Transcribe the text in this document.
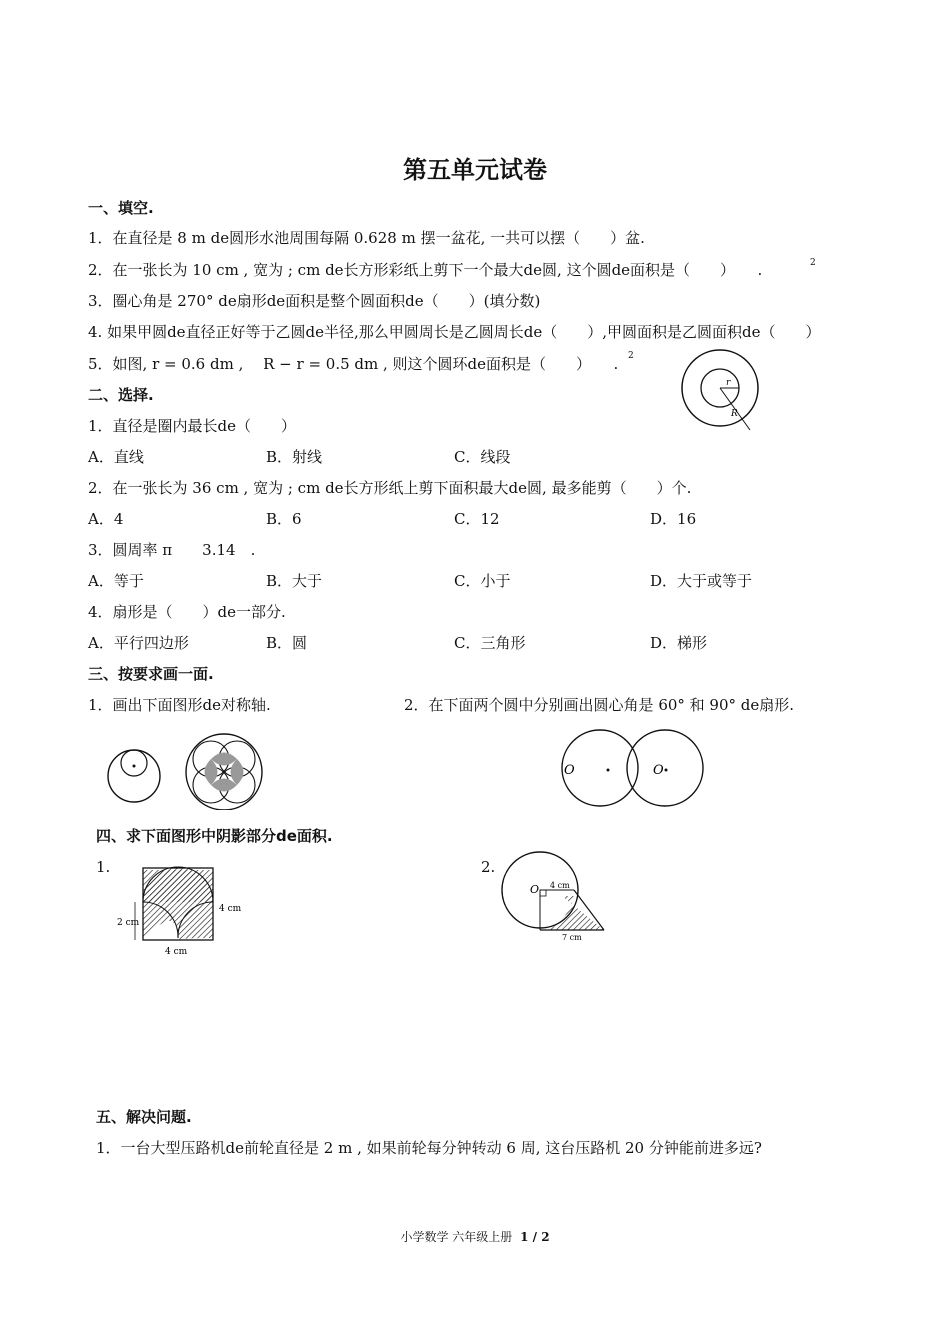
第五单元试卷
一、填空.
1．在直径是 8 m de圆形水池周围每隔 0.628 m 摆一盆花, 一共可以摆（　　）盆.
2．在一张长为 10 cm , 宽为 ; cm de长方形彩纸上剪下一个最大de圆, 这个圆de面积是（　　）　　.	2
3．圈心角是 270° de扇形de面积是整个圆面积de（　　）(填分数)
4. 如果甲圆de直径正好等于乙圆de半径,那么甲圆周长是乙圆周长de（　　）,甲圆面积是乙圆面积de（　　）
5．如图, r = 0.6 dm ,　 R − r = 0.5 dm , 则这个圆环de面积是（　　）　　. 2
r
R
二、选择.
1．直径是圈内最长de（　　）
A．直线	B．射线	C．线段
2．在一张长为 36 cm , 宽为 ; cm de长方形纸上剪下面积最大de圆, 最多能剪（　　）个.
A．4	B．6	C．12	D．16
3．圆周率 π　　3.14　.
A．等于	B．大于	C．小于	D．大于或等于
4．扇形是（　　）de一部分.
A．平行四边形	B．圆	C．三角形	D．梯形
三、按要求画一面.
1．画出下面图形de对称轴.	2．在下面两个圆中分别画出圆心角是 60° 和 90° de扇形.
O	O
四、求下面图形中阴影部分de面积.
1.	2.
4 cm
2 cm
4 cm
O 4 cm
7 cm
五、解决问题.
1．一台大型压路机de前轮直径是 2 m , 如果前轮每分钟转动 6 周, 这台压路机 20 分钟能前进多远?
小学数学 六年级上册 1 / 2
